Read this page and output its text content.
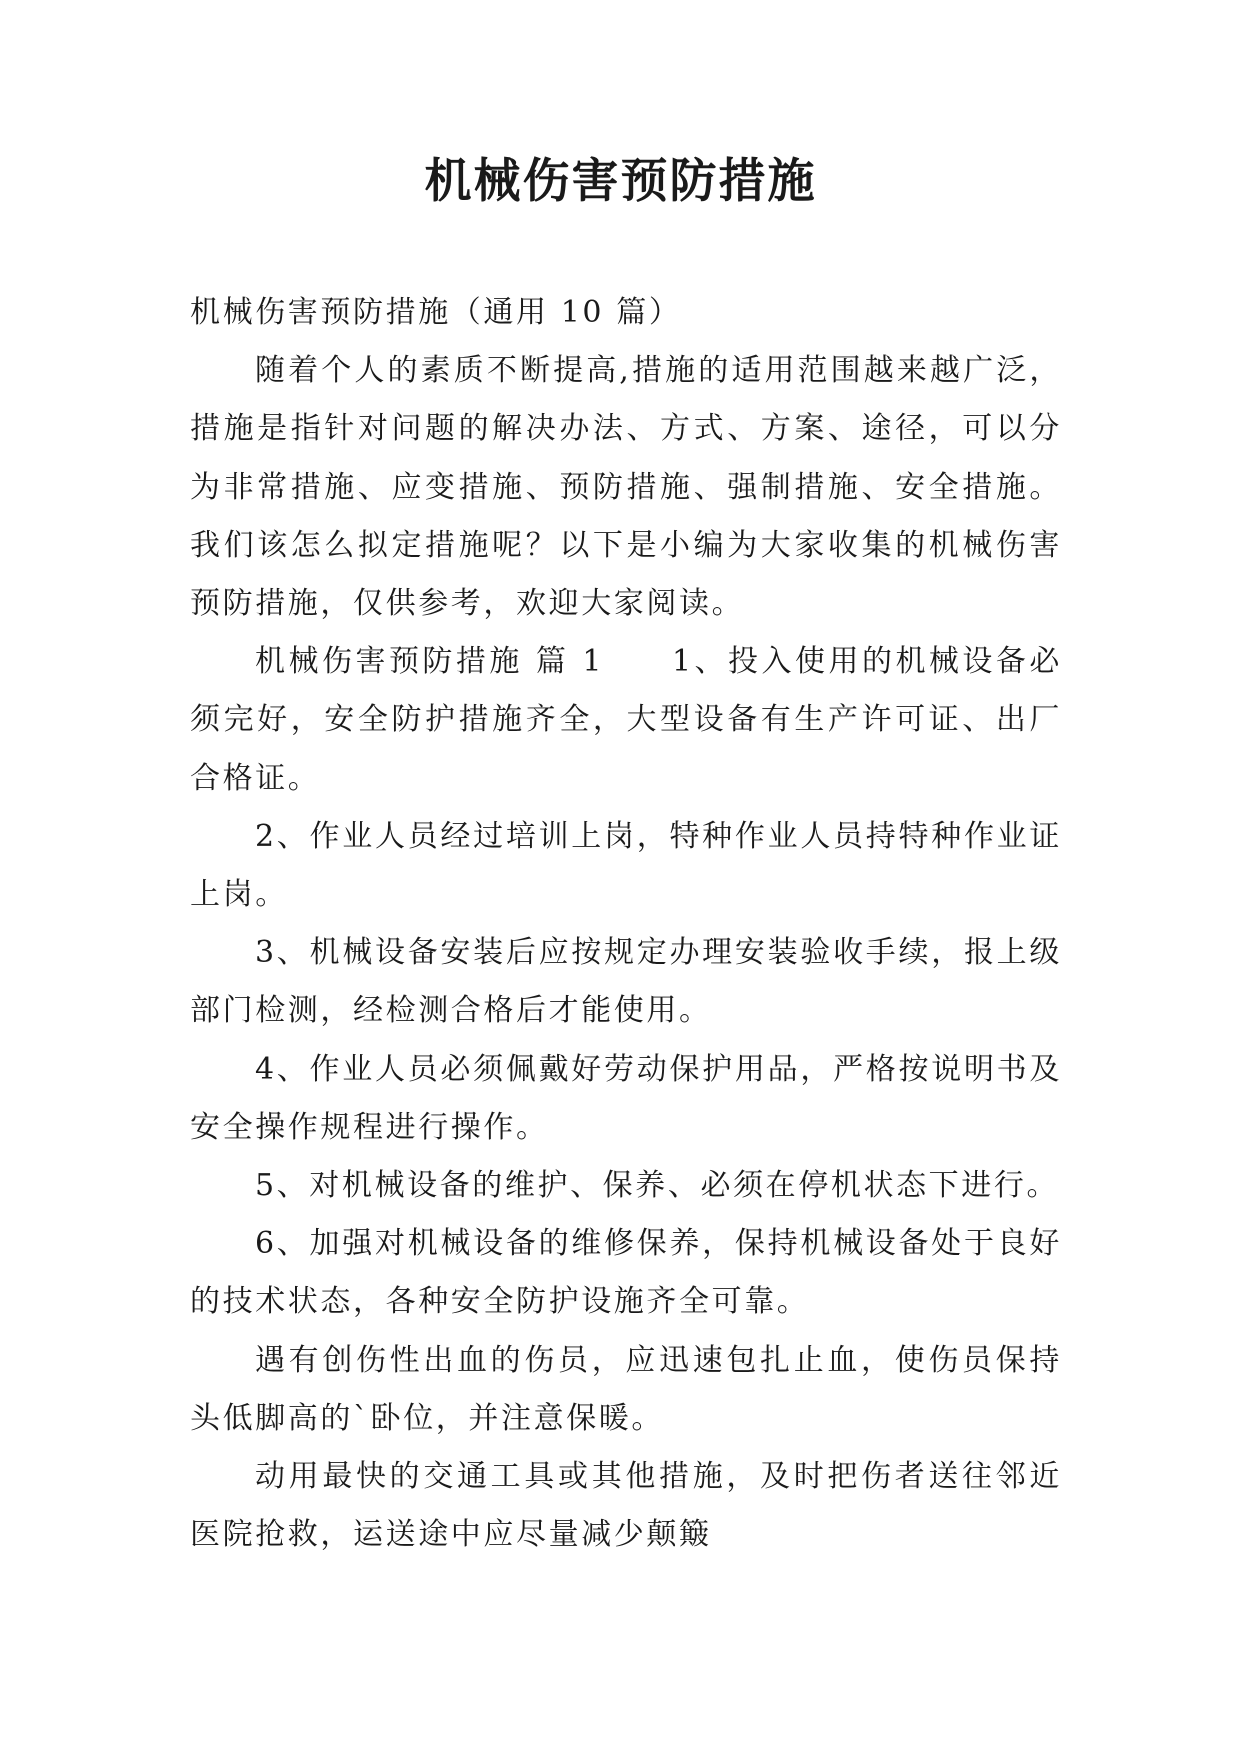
机械伤害预防措施

机械伤害预防措施（通用 10 篇）

随着个人的素质不断提高,措施的适用范围越来越广泛，措施是指针对问题的解决办法、方式、方案、途径，可以分为非常措施、应变措施、预防措施、强制措施、安全措施。我们该怎么拟定措施呢？以下是小编为大家收集的机械伤害预防措施，仅供参考，欢迎大家阅读。

机械伤害预防措施 篇 1　　1、投入使用的机械设备必须完好，安全防护措施齐全，大型设备有生产许可证、出厂合格证。

2、作业人员经过培训上岗，特种作业人员持特种作业证上岗。

3、机械设备安装后应按规定办理安装验收手续，报上级部门检测，经检测合格后才能使用。

4、作业人员必须佩戴好劳动保护用品，严格按说明书及安全操作规程进行操作。

5、对机械设备的维护、保养、必须在停机状态下进行。

6、加强对机械设备的维修保养，保持机械设备处于良好的技术状态，各种安全防护设施齐全可靠。

遇有创伤性出血的伤员，应迅速包扎止血，使伤员保持头低脚高的`卧位，并注意保暖。

动用最快的交通工具或其他措施，及时把伤者送往邻近医院抢救，运送途中应尽量减少颠簸
